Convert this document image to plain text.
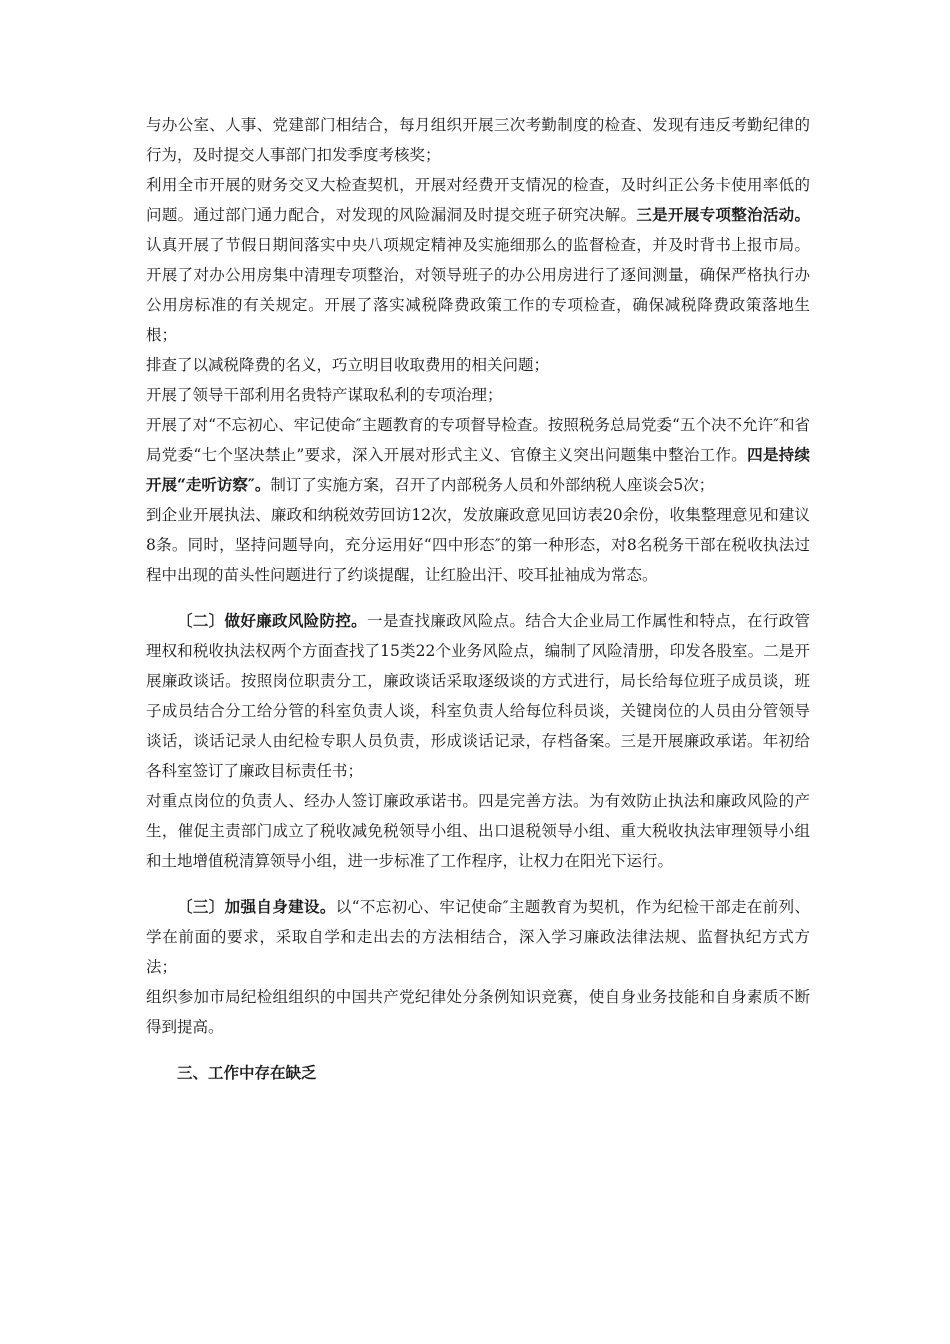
与办公室、人事、党建部门相结合，每月组织开展三次考勤制度的检查、发现有违反考勤纪律的行为，及时提交人事部门扣发季度考核奖；

利用全市开展的财务交叉大检查契机，开展对经费开支情况的检查，及时纠正公务卡使用率低的问题。通过部门通力配合，对发现的风险漏洞及时提交班子研究决解。三是开展专项整治活动。认真开展了节假日期间落实中央八项规定精神及实施细那么的监督检查，并及时背书上报市局。开展了对办公用房集中清理专项整治，对领导班子的办公用房进行了逐间测量，确保严格执行办公用房标准的有关规定。开展了落实减税降费政策工作的专项检查，确保减税降费政策落地生根；

排查了以减税降费的名义，巧立明目收取费用的相关问题；

开展了领导干部利用名贵特产谋取私利的专项治理；

开展了对“不忘初心、牢记使命″主题教育的专项督导检查。按照税务总局党委“五个决不允许″和省局党委“七个坚决禁止”要求，深入开展对形式主义、官僚主义突出问题集中整治工作。四是持续开展“走听访察″。制订了实施方案，召开了内部税务人员和外部纳税人座谈会5次；

到企业开展执法、廉政和纳税效劳回访12次，发放廉政意见回访表20余份，收集整理意见和建议8条。同时，坚持问题导向，充分运用好“四中形态″的第一种形态，对8名税务干部在税收执法过程中出现的苗头性问题进行了约谈提醒，让红脸出汗、咬耳扯袖成为常态。

〔二〕做好廉政风险防控。一是查找廉政风险点。结合大企业局工作属性和特点，在行政管理权和税收执法权两个方面查找了15类22个业务风险点，编制了风险清册，印发各股室。二是开展廉政谈话。按照岗位职责分工，廉政谈话采取逐级谈的方式进行，局长给每位班子成员谈，班子成员结合分工给分管的科室负责人谈，科室负责人给每位科员谈，关键岗位的人员由分管领导谈话，谈话记录人由纪检专职人员负责，形成谈话记录，存档备案。三是开展廉政承诺。年初给各科室签订了廉政目标责任书；

对重点岗位的负责人、经办人签订廉政承诺书。四是完善方法。为有效防止执法和廉政风险的产生，催促主责部门成立了税收减免税领导小组、出口退税领导小组、重大税收执法审理领导小组和土地增值税清算领导小组，进一步标准了工作程序，让权力在阳光下运行。

〔三〕加强自身建设。以“不忘初心、牢记使命″主题教育为契机，作为纪检干部走在前列、学在前面的要求，采取自学和走出去的方法相结合，深入学习廉政法律法规、监督执纪方式方法；

组织参加市局纪检组组织的中国共产党纪律处分条例知识竞赛，使自身业务技能和自身素质不断得到提高。

三、工作中存在缺乏
